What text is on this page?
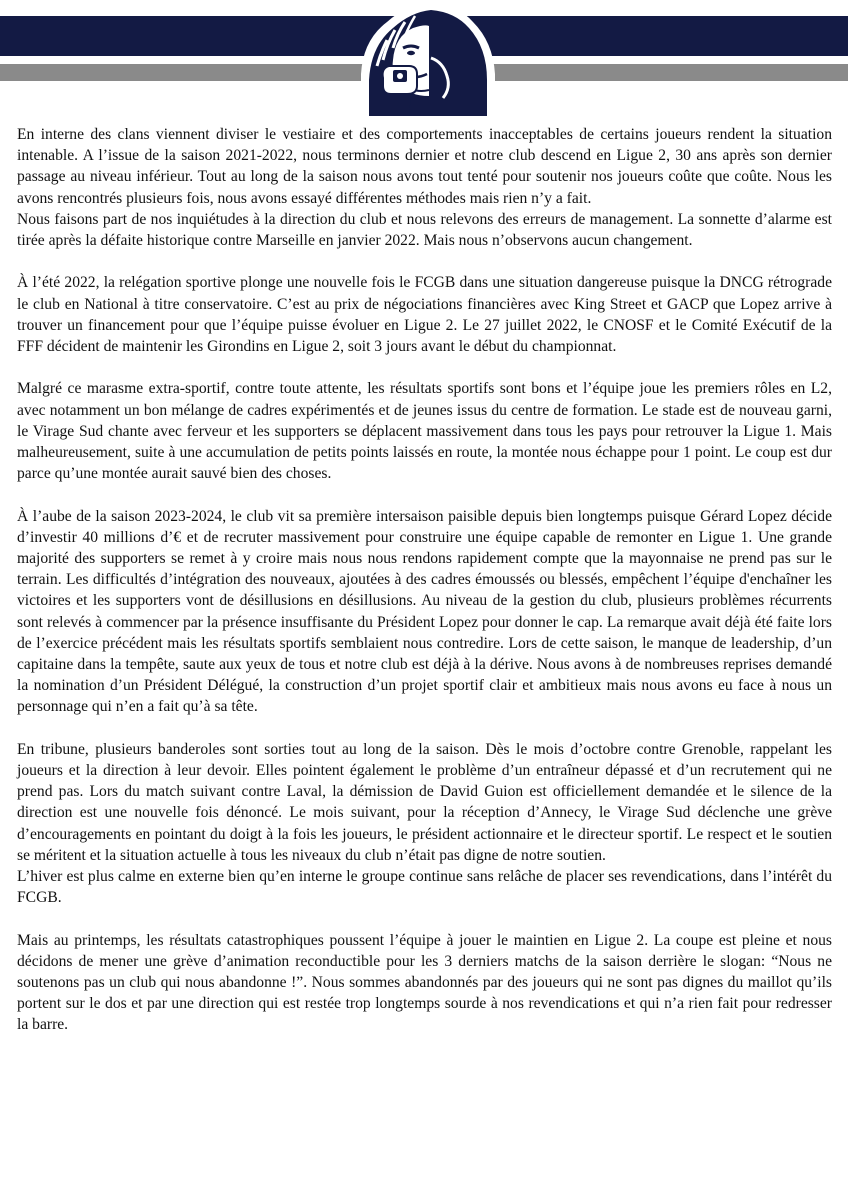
En interne des clans viennent diviser le vestiaire et des comportements inacceptables de certains joueurs rendent la situation intenable. A l’issue de la saison 2021-2022, nous terminons dernier et notre club descend en Ligue 2, 30 ans après son dernier passage au niveau inférieur. Tout au long de la saison nous avons tout tenté pour soutenir nos joueurs coûte que coûte. Nous les avons rencontrés plusieurs fois, nous avons essayé différentes méthodes mais rien n’y a fait.

Nous faisons part de nos inquiétudes à la direction du club et nous relevons des erreurs de management. La sonnette d’alarme est tirée après la défaite historique contre Marseille en janvier 2022. Mais nous n’observons aucun changement.

À l’été 2022, la relégation sportive plonge une nouvelle fois le FCGB dans une situation dangereuse puisque la DNCG rétrograde le club en National à titre conservatoire. C’est au prix de négociations financières avec King Street et GACP que Lopez arrive à trouver un financement pour que l’équipe puisse évoluer en Ligue 2. Le 27 juillet 2022, le CNOSF et le Comité Exécutif de la FFF décident de maintenir les Girondins en Ligue 2, soit 3 jours avant le début du championnat.

Malgré ce marasme extra-sportif, contre toute attente, les résultats sportifs sont bons et l’équipe joue les premiers rôles en L2, avec notamment un bon mélange de cadres expérimentés et de jeunes issus du centre de formation. Le stade est de nouveau garni, le Virage Sud chante avec ferveur et les supporters se déplacent massivement dans tous les pays pour retrouver la Ligue 1. Mais malheureusement, suite à une accumulation de petits points laissés en route, la montée nous échappe pour 1 point. Le coup est dur parce qu’une montée aurait sauvé bien des choses.

À l’aube de la saison 2023-2024, le club vit sa première intersaison paisible depuis bien longtemps puisque Gérard Lopez décide d’investir 40 millions d’€ et de recruter massivement pour construire une équipe capable de remonter en Ligue 1. Une grande majorité des supporters se remet à y croire mais nous nous rendons rapidement compte que la mayonnaise ne prend pas sur le terrain. Les difficultés d’intégration des nouveaux, ajoutées à des cadres émoussés ou blessés, empêchent l’équipe d'enchaîner les victoires et les supporters vont de désillusions en désillusions. Au niveau de la gestion du club, plusieurs problèmes récurrents sont relevés à commencer par la présence insuffisante du Président Lopez pour donner le cap. La remarque avait déjà été faite lors de l’exercice précédent mais les résultats sportifs semblaient nous contredire. Lors de cette saison, le manque de leadership, d’un capitaine dans la tempête, saute aux yeux de tous et notre club est déjà à la dérive. Nous avons à de nombreuses reprises demandé la nomination d’un Président Délégué, la construction d’un projet sportif clair et ambitieux mais nous avons eu face à nous un personnage qui n’en a fait qu’à sa tête.

En tribune, plusieurs banderoles sont sorties tout au long de la saison. Dès le mois d’octobre contre Grenoble, rappelant les joueurs et la direction à leur devoir. Elles pointent également le problème d’un entraîneur dépassé et d’un recrutement qui ne prend pas. Lors du match suivant contre Laval, la démission de David Guion est officiellement demandée et le silence de la direction est une nouvelle fois dénoncé. Le mois suivant, pour la réception d’Annecy, le Virage Sud déclenche une grève d’encouragements en pointant du doigt à la fois les joueurs, le président actionnaire et le directeur sportif. Le respect et le soutien se méritent et la situation actuelle à tous les niveaux du club n’était pas digne de notre soutien.

L’hiver est plus calme en externe bien qu’en interne le groupe continue sans relâche de placer ses revendications, dans l’intérêt du FCGB.

Mais au printemps, les résultats catastrophiques poussent l’équipe à jouer le maintien en Ligue 2. La coupe est pleine et nous décidons de mener une grève d’animation reconductible pour les 3 derniers matchs de la saison derrière le slogan: “Nous ne soutenons pas un club qui nous abandonne !”. Nous sommes abandonnés par des joueurs qui ne sont pas dignes du maillot qu’ils portent sur le dos et par une direction qui est restée trop longtemps sourde à nos revendications et qui n’a rien fait pour redresser la barre.
